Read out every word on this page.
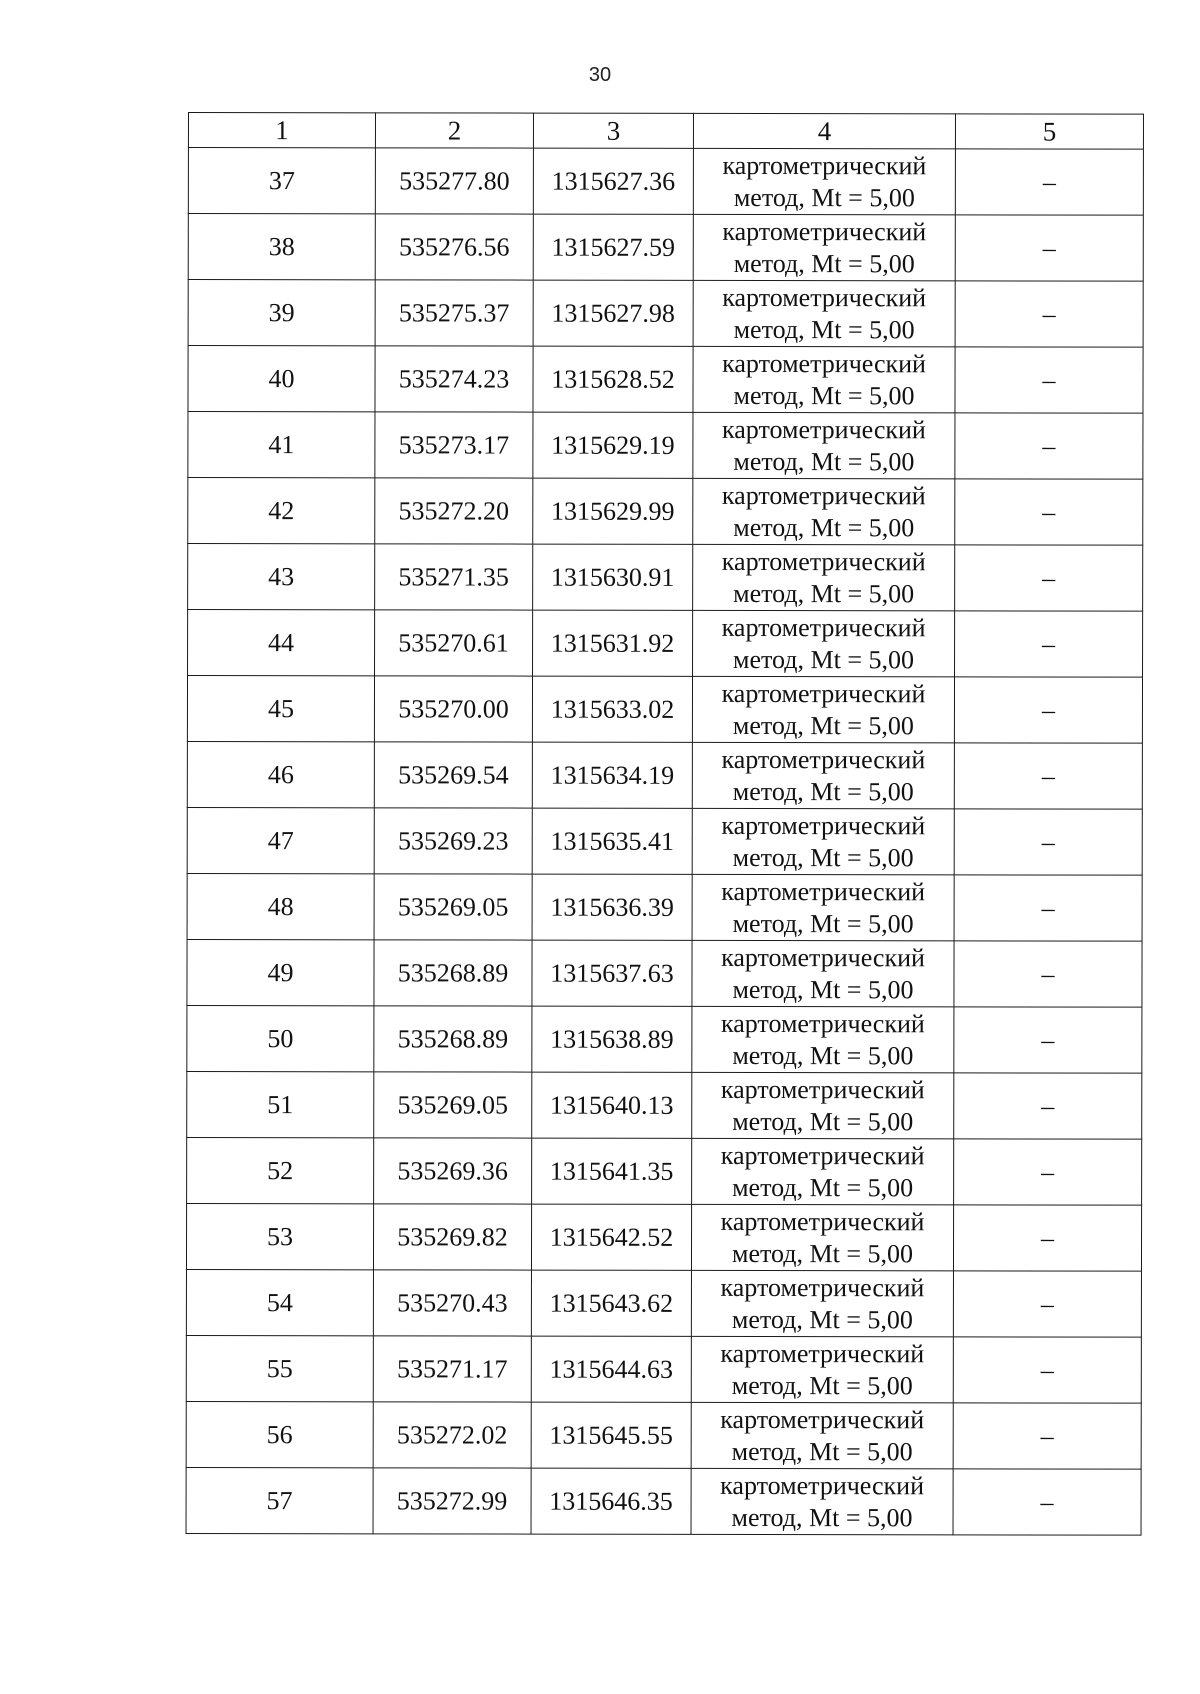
30
1	2	3	4	5
37	535277.80	1315627.36	картометрический
метод, Mt = 5,00	–
38	535276.56	1315627.59	картометрический
метод, Mt = 5,00	–
39	535275.37	1315627.98	картометрический
метод, Mt = 5,00	–
40	535274.23	1315628.52	картометрический
метод, Mt = 5,00	–
41	535273.17	1315629.19	картометрический
метод, Mt = 5,00	–
42	535272.20	1315629.99	картометрический
метод, Mt = 5,00	–
43	535271.35	1315630.91	картометрический
метод, Mt = 5,00	–
44	535270.61	1315631.92	картометрический
метод, Mt = 5,00	–
45	535270.00	1315633.02	картометрический
метод, Mt = 5,00	–
46	535269.54	1315634.19	картометрический
метод, Mt = 5,00	–
47	535269.23	1315635.41	картометрический
метод, Mt = 5,00	–
48	535269.05	1315636.39	картометрический
метод, Mt = 5,00	–
49	535268.89	1315637.63	картометрический
метод, Mt = 5,00	–
50	535268.89	1315638.89	картометрический
метод, Mt = 5,00	–
51	535269.05	1315640.13	картометрический
метод, Mt = 5,00	–
52	535269.36	1315641.35	картометрический
метод, Mt = 5,00	–
53	535269.82	1315642.52	картометрический
метод, Mt = 5,00	–
54	535270.43	1315643.62	картометрический
метод, Mt = 5,00	–
55	535271.17	1315644.63	картометрический
метод, Mt = 5,00	–
56	535272.02	1315645.55	картометрический
метод, Mt = 5,00	–
57	535272.99	1315646.35	картометрический
метод, Mt = 5,00	–
